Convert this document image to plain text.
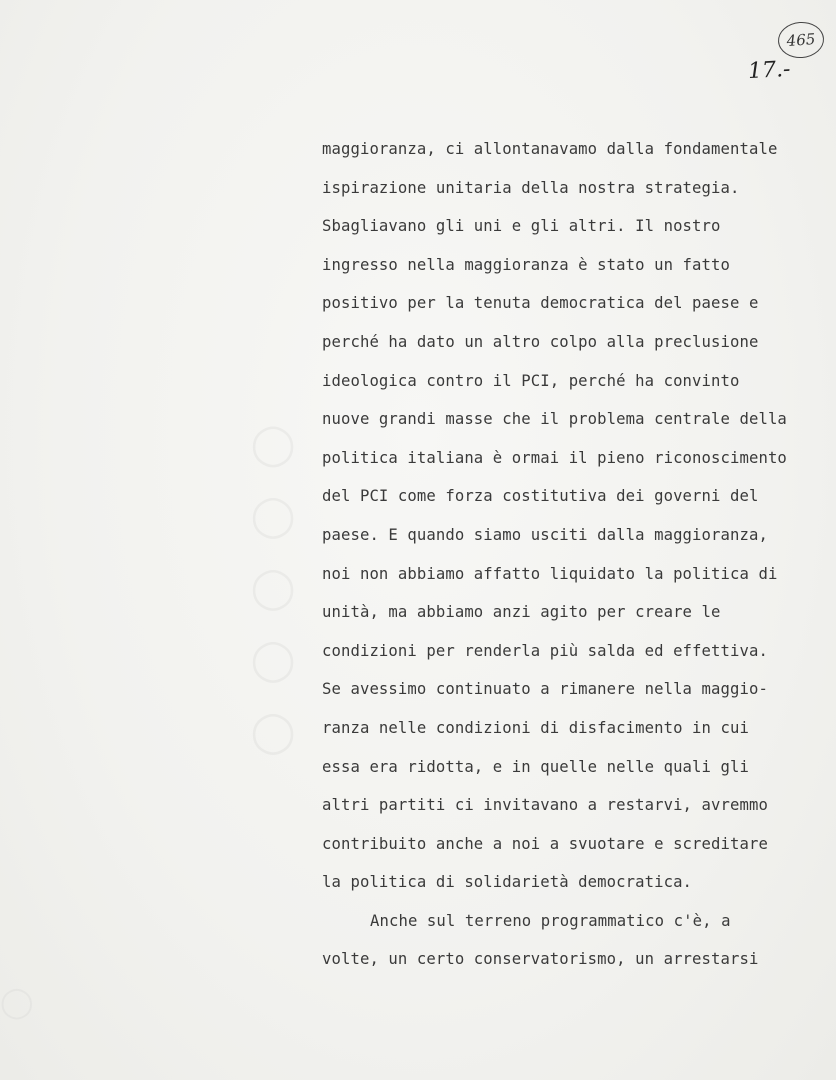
◯ ◯ ◯ ◯ ◯
◯
465
17.-
maggioranza, ci allontanavamo dalla fondamentale
ispirazione unitaria della nostra strategia.
Sbagliavano gli uni e gli altri. Il nostro
ingresso nella maggioranza è stato un fatto
positivo per la tenuta democratica del paese e
perché ha dato un altro colpo alla preclusione
ideologica contro il PCI, perché ha convinto
nuove grandi masse che il problema centrale della
politica italiana è ormai il pieno riconoscimento
del PCI come forza costitutiva dei governi del
paese. E quando siamo usciti dalla maggioranza,
noi non abbiamo affatto liquidato la politica di
unità, ma abbiamo anzi agito per creare le
condizioni per renderla più salda ed effettiva.
Se avessimo continuato a rimanere nella maggio-
ranza nelle condizioni di disfacimento in cui
essa era ridotta, e in quelle nelle quali gli
altri partiti ci invitavano a restarvi, avremmo
contribuito anche a noi a svuotare e screditare
la politica di solidarietà democratica.
Anche sul terreno programmatico c'è, a
volte, un certo conservatorismo, un arrestarsi
